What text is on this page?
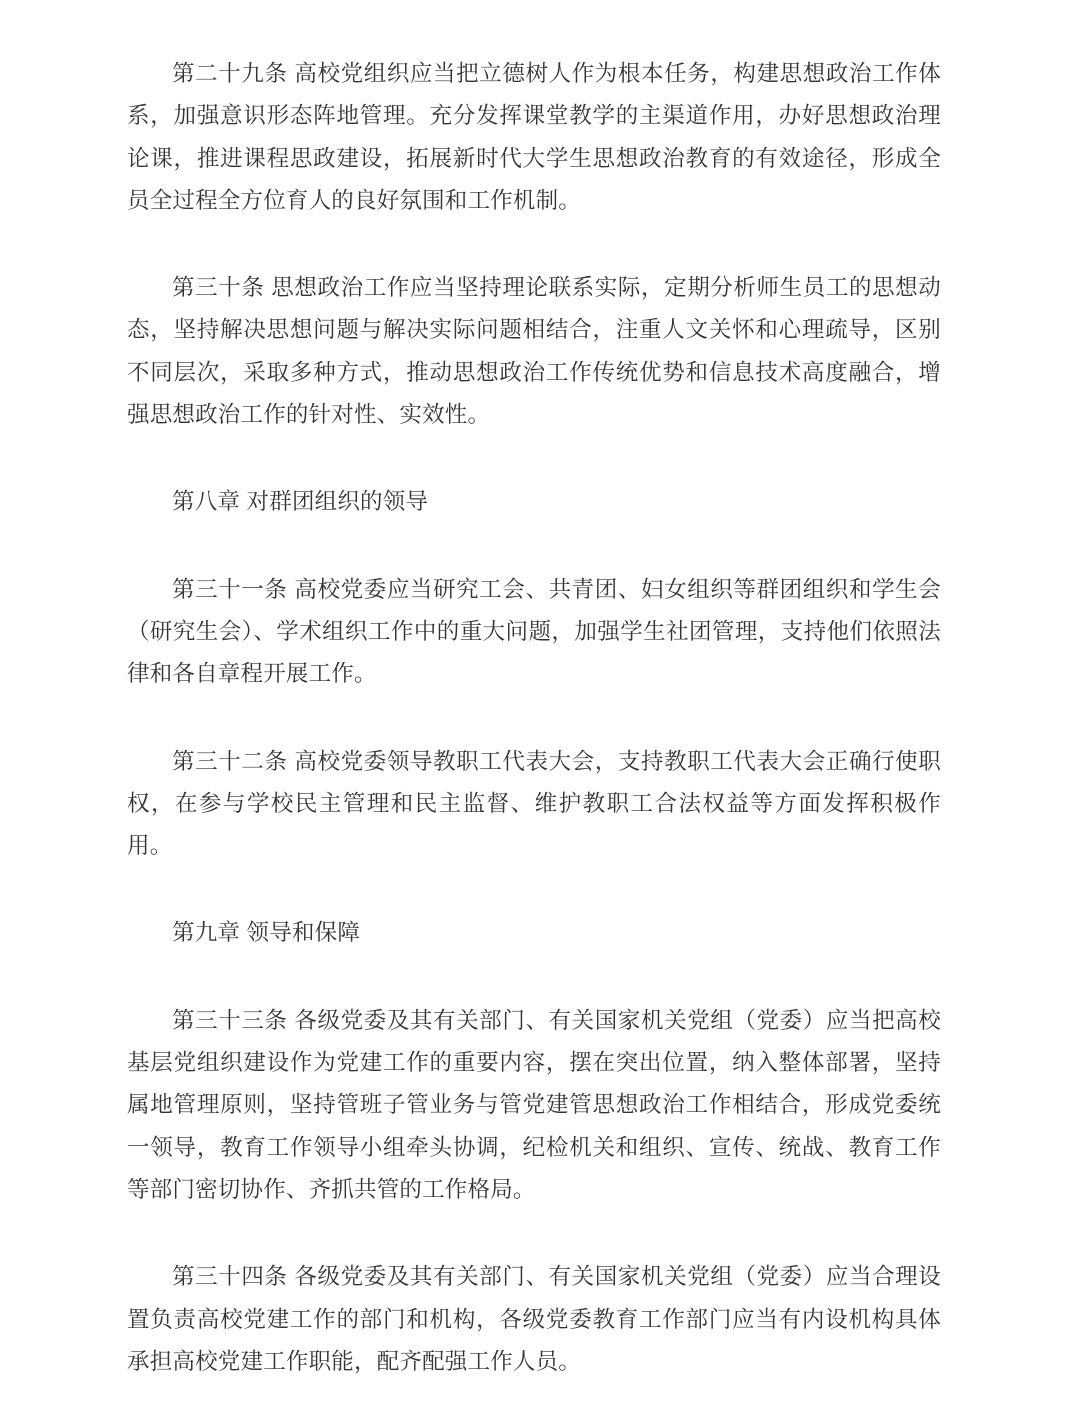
第二十九条 高校党组织应当把立德树人作为根本任务，构建思想政治工作体系，加强意识形态阵地管理。充分发挥课堂教学的主渠道作用，办好思想政治理论课，推进课程思政建设，拓展新时代大学生思想政治教育的有效途径，形成全员全过程全方位育人的良好氛围和工作机制。

第三十条 思想政治工作应当坚持理论联系实际，定期分析师生员工的思想动态，坚持解决思想问题与解决实际问题相结合，注重人文关怀和心理疏导，区别不同层次，采取多种方式，推动思想政治工作传统优势和信息技术高度融合，增强思想政治工作的针对性、实效性。

第八章 对群团组织的领导

第三十一条 高校党委应当研究工会、共青团、妇女组织等群团组织和学生会（研究生会）、学术组织工作中的重大问题，加强学生社团管理，支持他们依照法律和各自章程开展工作。

第三十二条 高校党委领导教职工代表大会，支持教职工代表大会正确行使职权，在参与学校民主管理和民主监督、维护教职工合法权益等方面发挥积极作用。

第九章 领导和保障

第三十三条 各级党委及其有关部门、有关国家机关党组（党委）应当把高校基层党组织建设作为党建工作的重要内容，摆在突出位置，纳入整体部署，坚持属地管理原则，坚持管班子管业务与管党建管思想政治工作相结合，形成党委统一领导，教育工作领导小组牵头协调，纪检机关和组织、宣传、统战、教育工作等部门密切协作、齐抓共管的工作格局。

第三十四条 各级党委及其有关部门、有关国家机关党组（党委）应当合理设置负责高校党建工作的部门和机构，各级党委教育工作部门应当有内设机构具体承担高校党建工作职能，配齐配强工作人员。
